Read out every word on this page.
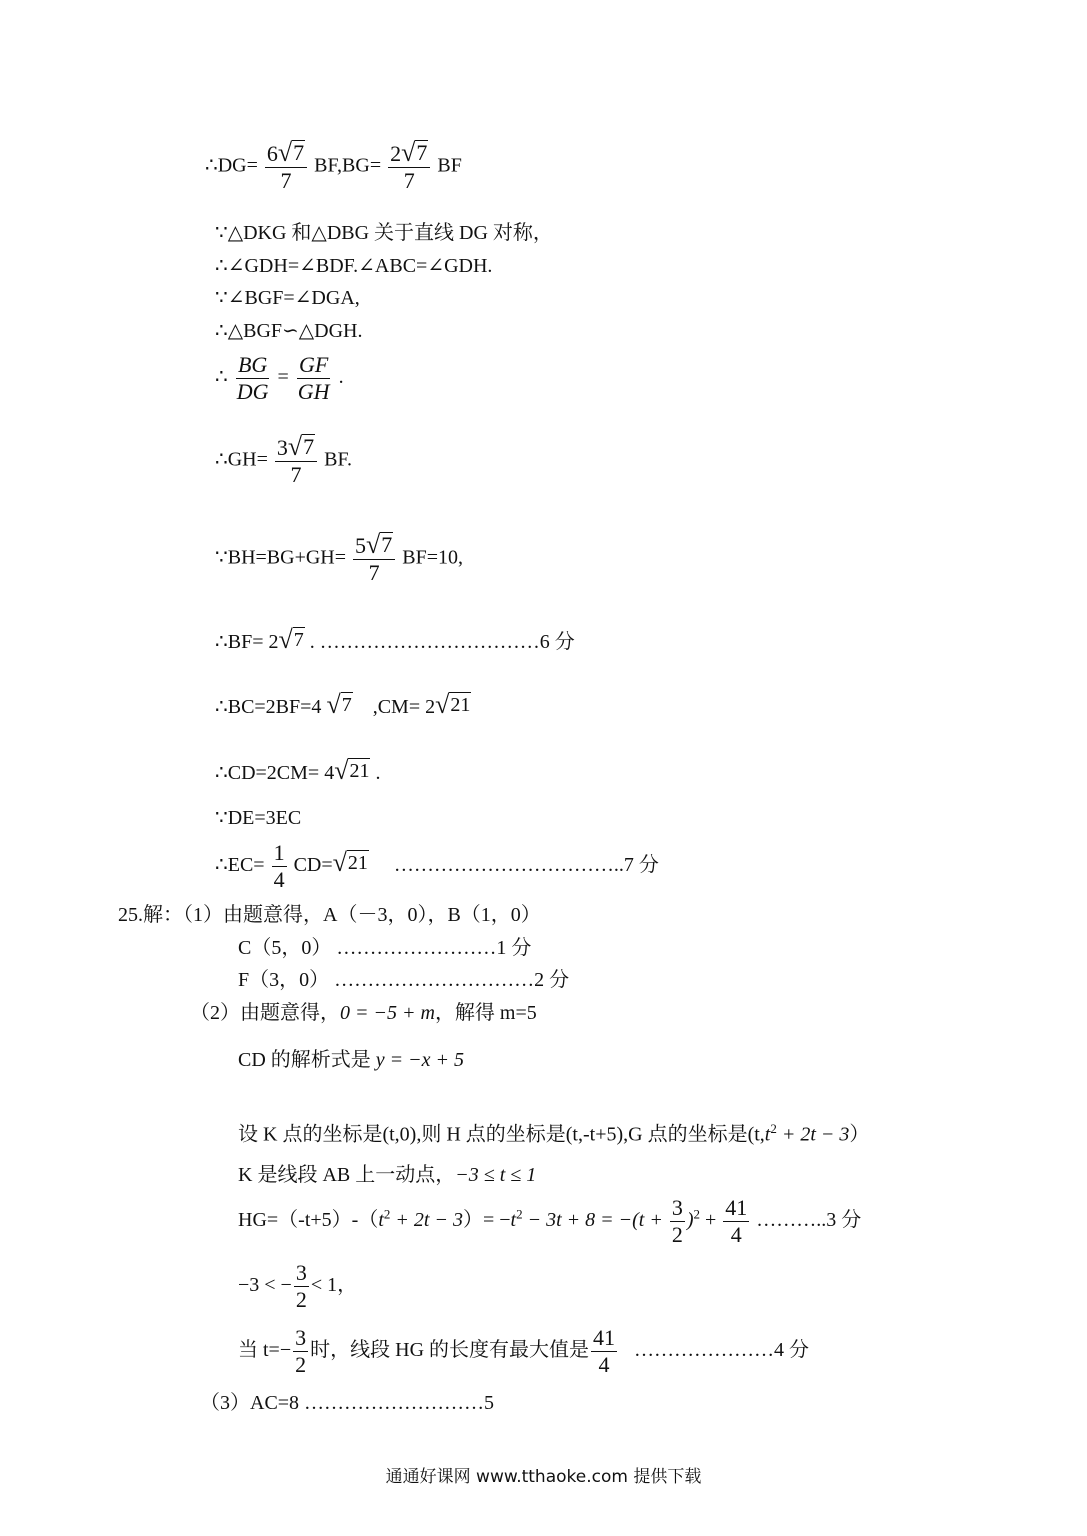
∴DG= $\frac{6 √ 7}{7} BF,BG= \frac{2 √ 7}{7}$ BF
∵△DKG 和△DBG 关于直线 DG 对称，
∴∠GDH=∠BDF.∠ABC=∠GDH.
∵∠BGF=∠DGA,
∴△BGF∽△DGH.
∴ $\frac{BG}{DG} = \frac{GF}{GH}$ .
∴GH= $\frac{3 √ 7}{7}$ BF.
∵BH=BG+GH= $\frac{5 √ 7}{7} BF=10$,
∴BF= 2 √ 7 . ……………………………6 分
∴BC=2BF=4 √ 7 ,CM= 2 √ 21
∴CD=2CM= 4 √ 21 .
∵DE=3EC
∴EC= $\frac{1}{4} CD=$ √ 21 ……………………………..7 分
25.解：（1）由题意得，A（－3，0），B（1，0）
C（5，0） ……………………1 分
F（3，0） …………………………2 分
（2）由题意得，0 = −5 + m，解得 m=5
CD 的解析式是 y = −x + 5
设 K 点的坐标是(t,0),则 H 点的坐标是(t,-t+5),G 点的坐标是$(t,t^2 + 2t - 3)$
K 是线段 AB 上一动点，−3 ≤ t ≤ 1
$HG=(-t+5)-(t^2 + 2t - 3)= -t^2 - 3t + 8 = -(t + \frac{3}{2} )^2 + \frac{41}{4}$ ………..3 分
−3 < − $\frac{3}{2} < 1$，
当 $t=- \frac{3}{2}$ 时，线段 HG 的长度有最大值是 $\frac{41}{4}$ …………………4 分
（3）AC=8 ………………………5
通通好课网 www.tthaoke.com 提供下载
